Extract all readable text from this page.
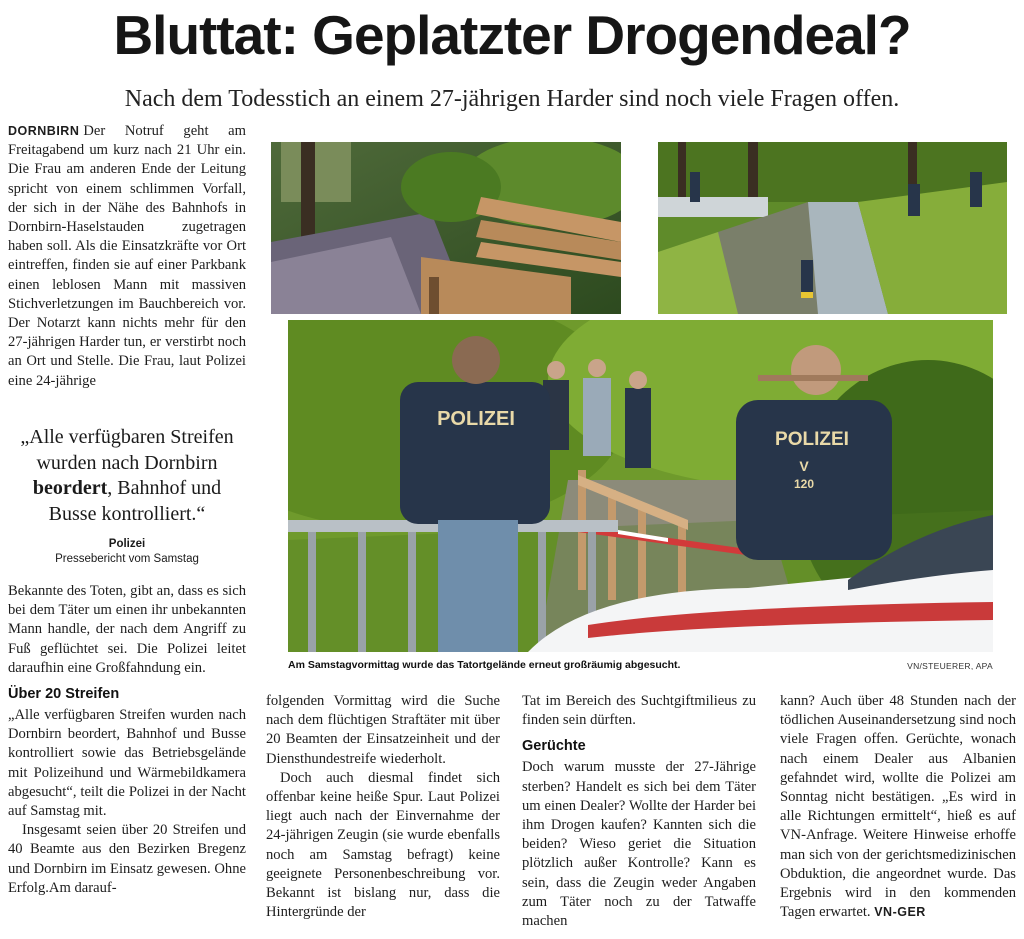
Bluttat: Geplatzter Drogendeal?
Nach dem Todesstich an einem 27-jährigen Harder sind noch viele Fragen offen.

DORNBIRN Der Notruf geht am Freitagabend um kurz nach 21 Uhr ein. Die Frau am anderen Ende der Leitung spricht von einem schlimmen Vorfall, der sich in der Nähe des Bahnhofs in Dornbirn-Haselstauden zugetragen haben soll. Als die Einsatzkräfte vor Ort eintreffen, finden sie auf einer Parkbank einen leblosen Mann mit massiven Stichverletzungen im Bauchbereich vor. Der Notarzt kann nichts mehr für den 27-jährigen Harder tun, er verstirbt noch an Ort und Stelle. Die Frau, laut Polizei eine 24-jährige

„Alle verfügbaren Streifen wurden nach Dornbirn beordert, Bahnhof und Busse kontrolliert.“
Polizei
Pressebericht vom Samstag

Bekannte des Toten, gibt an, dass es sich bei dem Täter um einen ihr unbekannten Mann handle, der nach dem Angriff zu Fuß geflüchtet sei. Die Polizei leitet daraufhin eine Großfahndung ein.

Über 20 Streifen

„Alle verfügbaren Streifen wurden nach Dornbirn beordert, Bahnhof und Busse kontrolliert sowie das Betriebsgelände mit Polizeihund und Wärmebildkamera abgesucht“, teilt die Polizei in der Nacht auf Samstag mit.

Insgesamt seien über 20 Streifen und 40 Beamte aus den Bezirken Bregenz und Dornbirn im Einsatz gewesen. Ohne Erfolg.Am darauf-

folgenden Vormittag wird die Suche nach dem flüchtigen Straftäter mit über 20 Beamten der Einsatzeinheit und der Diensthundestreife wiederholt.

Doch auch diesmal findet sich offenbar keine heiße Spur. Laut Polizei liegt auch nach der Einvernahme der 24-jährigen Zeugin (sie wurde ebenfalls noch am Samstag befragt) keine geeignete Personenbeschreibung vor. Bekannt ist bislang nur, dass die Hintergründe der

Tat im Bereich des Suchtgiftmilieus zu finden sein dürften.

Gerüchte

Doch warum musste der 27-Jährige sterben? Handelt es sich bei dem Täter um einen Dealer? Wollte der Harder bei ihm Drogen kaufen? Kannten sich die beiden? Wieso geriet die Situation plötzlich außer Kontrolle? Kann es sein, dass die Zeugin weder Angaben zum Täter noch zu der Tatwaffe machen

kann? Auch über 48 Stunden nach der tödlichen Auseinandersetzung sind noch viele Fragen offen. Gerüchte, wonach nach einem Dealer aus Albanien gefahndet wird, wollte die Polizei am Sonntag nicht bestätigen. „Es wird in alle Richtungen ermittelt“, hieß es auf VN-Anfrage. Weitere Hinweise erhoffe man sich von der gerichtsmedizinischen Obduktion, die angeordnet wurde. Das Ergebnis wird in den kommenden Tagen erwartet. VN-GER

POLIZEI
POLIZEI
V
120
Am Samstagvormittag wurde das Tatortgelände erneut großräumig abgesucht.	VN/STEUERER, APA
